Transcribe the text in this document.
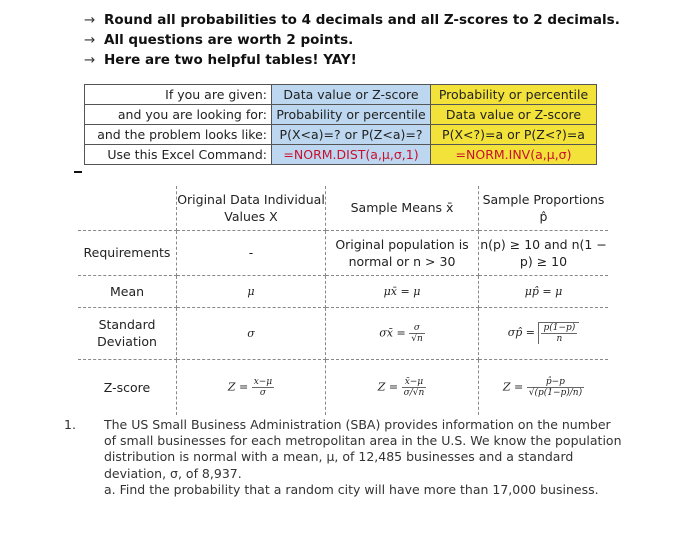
→ Round all probabilities to 4 decimals and all Z-scores to 2 decimals.
→ All questions are worth 2 points.
→ Here are two helpful tables! YAY!
If you are given:	Data value or Z-score	Probability or percentile
and you are looking for:	Probability or percentile	Data value or Z-score
and the problem looks like:	P(X<a)=? or P(Z<a)=?	P(X<?)=a or P(Z<?)=a
Use this Excel Command:	=NORM.DIST(a,μ,σ,1)	=NORM.INV(a,μ,σ)
	Original Data Individual Values X	Sample Means x̄	Sample Proportions p̂
Requirements	-	Original population is normal or n > 30	n(p) ≥ 10 and n(1 − p) ≥ 10
Mean	μ	μx̄ = μ	μp̂ = μ
Standard Deviation	σ	σx̄ = $\frac{\sigma}{√n}$	σp̂ = $\frac{p(1-p)}{n}$

Z-score	$Z = \frac{x-\mu}{\sigma}$	$Z = \frac{x̄-\mu}{\sigma/√n}$	$Z = \frac{p̂-p}{√(p(1-p)/n)}$
1. The US Small Business Administration (SBA) provides information on the number of small businesses for each metropolitan area in the U.S. We know the population distribution is normal with a mean, μ, of 12,485 businesses and a standard deviation, σ, of 8,937.
a. Find the probability that a random city will have more than 17,000 business.
